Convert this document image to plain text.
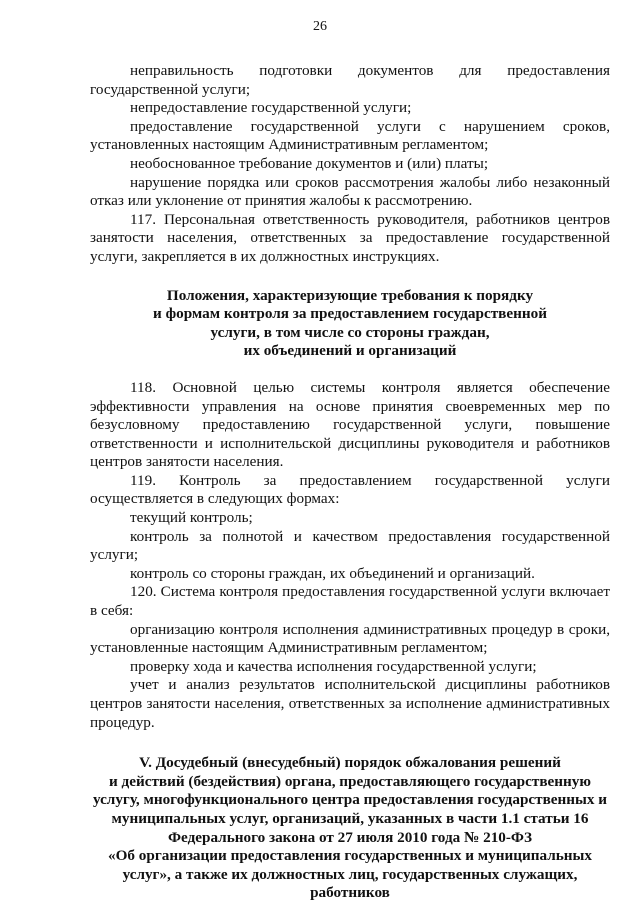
26

неправильность подготовки документов для предоставления государственной услуги;

непредоставление государственной услуги;

предоставление государственной услуги с нарушением сроков, установленных настоящим Административным регламентом;

необоснованное требование документов и (или) платы;

нарушение порядка или сроков рассмотрения жалобы либо незаконный отказ или уклонение от принятия жалобы к рассмотрению.

117. Персональная ответственность руководителя, работников центров занятости населения, ответственных за предоставление государственной услуги, закрепляется в их должностных инструкциях.

Положения, характеризующие требования к порядку
и формам контроля за предоставлением государственной
услуги, в том числе со стороны граждан,
их объединений и организаций

118. Основной целью системы контроля является обеспечение эффективности управления на основе принятия своевременных мер по безусловному предоставлению государственной услуги, повышение ответственности и исполнительской дисциплины руководителя и работников центров занятости населения.

119. Контроль за предоставлением государственной услуги осуществляется в следующих формах:

текущий контроль;

контроль за полнотой и качеством предоставления государственной услуги;

контроль со стороны граждан, их объединений и организаций.

120. Система контроля предоставления государственной услуги включает в себя:

организацию контроля исполнения административных процедур в сроки, установленные настоящим Административным регламентом;

проверку хода и качества исполнения государственной услуги;

учет и анализ результатов исполнительской дисциплины работников центров занятости населения, ответственных за исполнение административных процедур.

V. Досудебный (внесудебный) порядок обжалования решений
и действий (бездействия) органа, предоставляющего государственную
услугу, многофункционального центра предоставления государственных и
муниципальных услуг, организаций, указанных в части 1.1 статьи 16
Федерального закона от 27 июля 2010 года № 210-ФЗ
«Об организации предоставления государственных и муниципальных
услуг», а также их должностных лиц, государственных служащих,
работников
